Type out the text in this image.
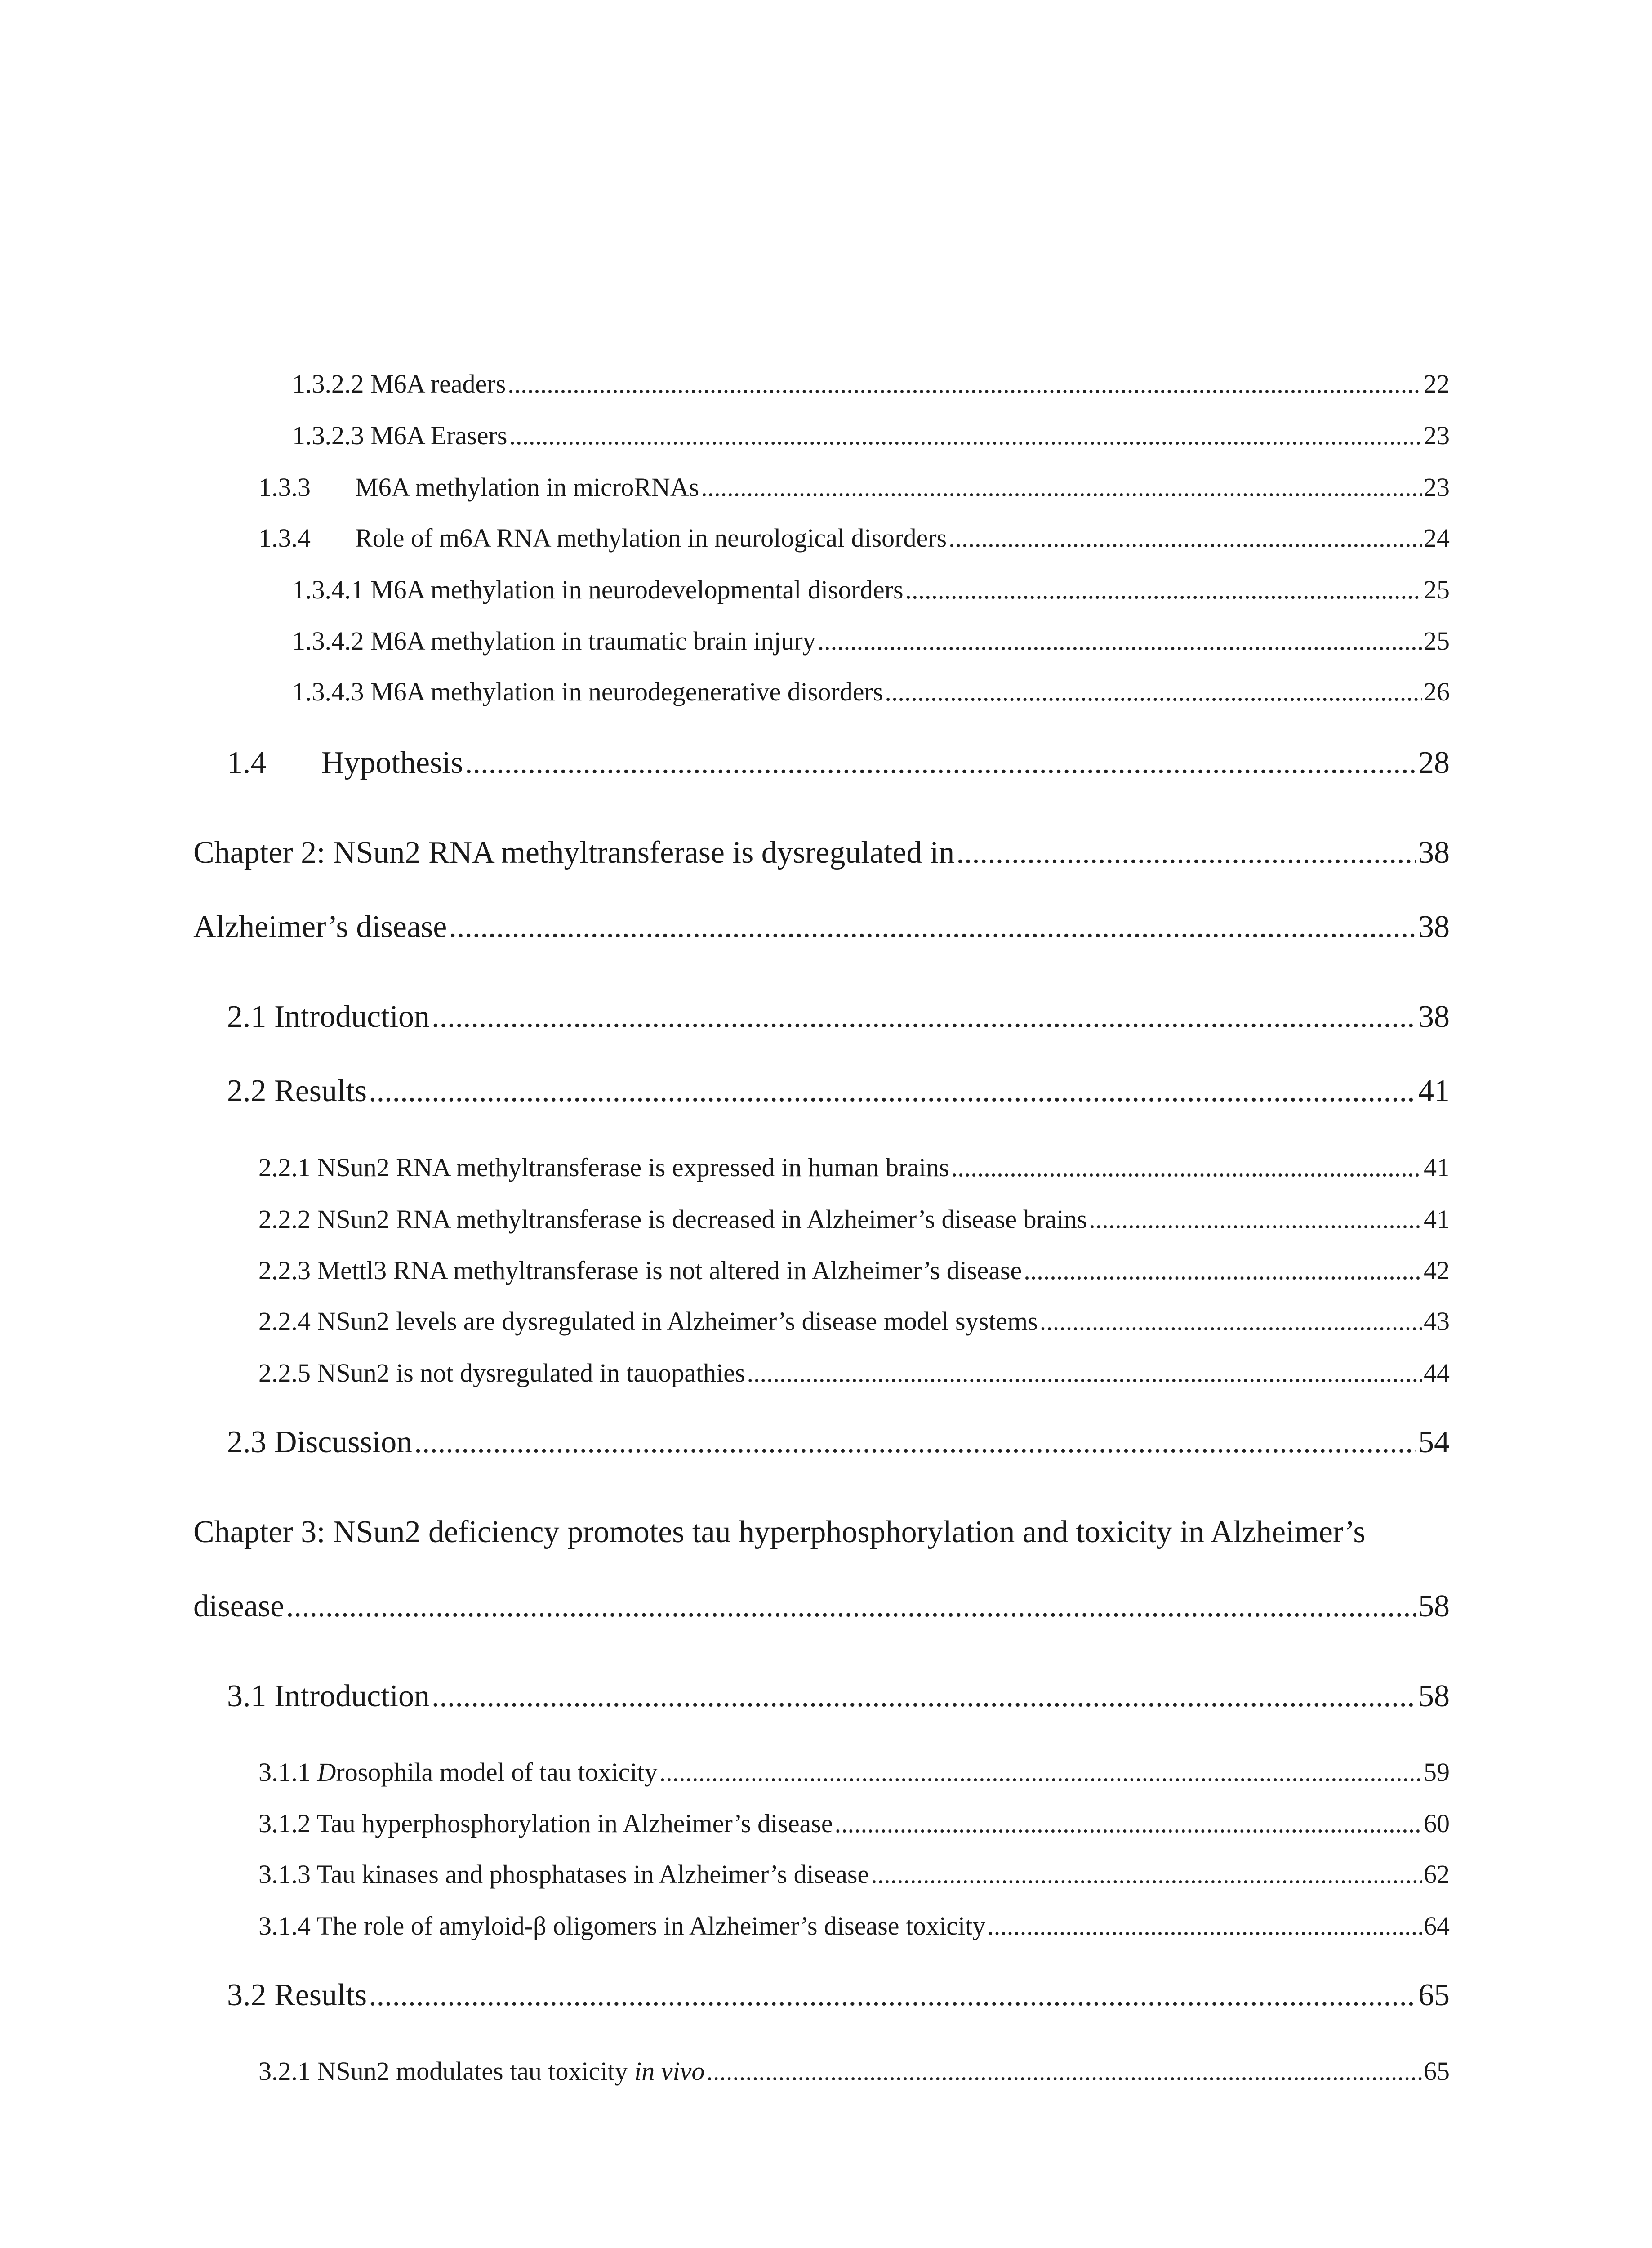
1.3.2.2 M6A readers .....	22
1.3.2.3 M6A Erasers .....	23
1.3.3	M6A methylation in microRNAs .....	23
1.3.4	Role of m6A RNA methylation in neurological disorders .....	24
1.3.4.1 M6A methylation in neurodevelopmental disorders .....	25
1.3.4.2 M6A methylation in traumatic brain injury .....	25
1.3.4.3 M6A methylation in neurodegenerative disorders .....	26
1.4	Hypothesis .....	28
Chapter 2: NSun2 RNA methyltransferase is dysregulated in .....	38
Alzheimer’s disease .....	38
2.1 Introduction .....	38
2.2 Results .....	41
2.2.1 NSun2 RNA methyltransferase is expressed in human brains .....	41
2.2.2 NSun2 RNA methyltransferase is decreased in Alzheimer’s disease brains .....	41
2.2.3 Mettl3 RNA methyltransferase is not altered in Alzheimer’s disease .....	42
2.2.4 NSun2 levels are dysregulated in Alzheimer’s disease model systems .....	43
2.2.5 NSun2 is not dysregulated in tauopathies .....	44
2.3 Discussion .....	54
Chapter 3: NSun2 deficiency promotes tau hyperphosphorylation and toxicity in Alzheimer’s
disease .....	58
3.1 Introduction .....	58
3.1.1 Drosophila model of tau toxicity .....	59
3.1.2 Tau hyperphosphorylation in Alzheimer’s disease .....	60
3.1.3 Tau kinases and phosphatases in Alzheimer’s disease .....	62
3.1.4 The role of amyloid-β oligomers in Alzheimer’s disease toxicity .....	64
3.2 Results .....	65
3.2.1 NSun2 modulates tau toxicity in vivo .....	65
